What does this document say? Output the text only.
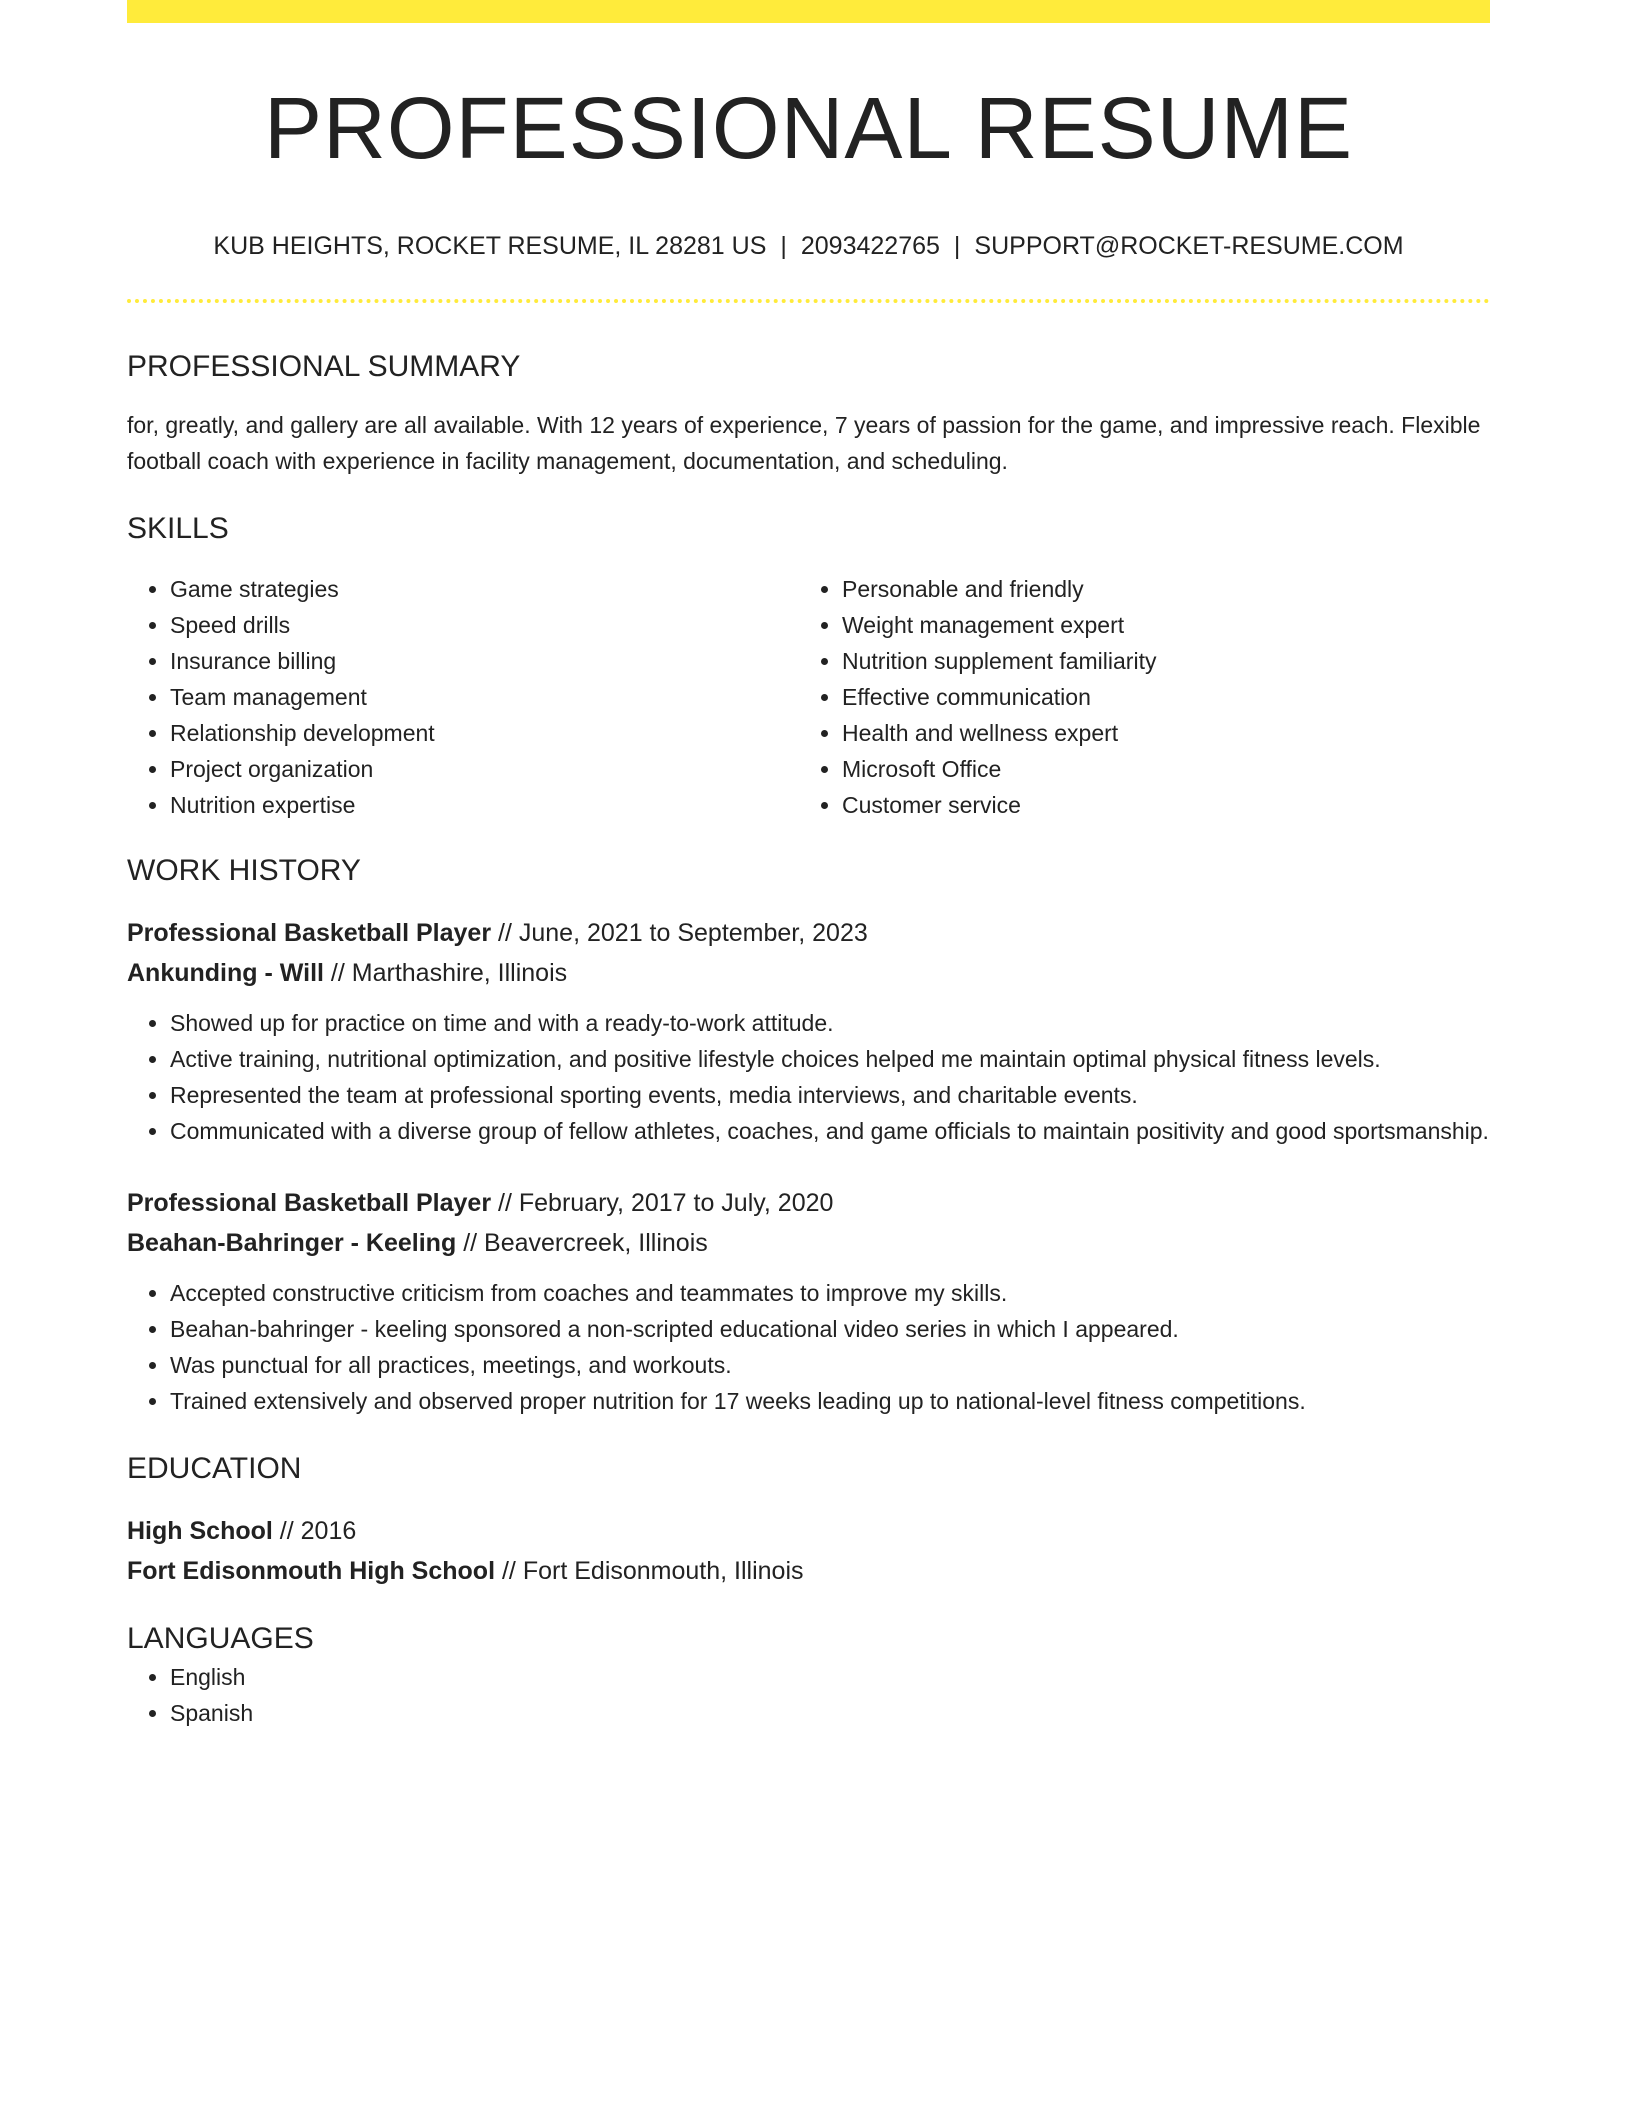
PROFESSIONAL RESUME
KUB HEIGHTS, ROCKET RESUME, IL 28281 US | 2093422765 | SUPPORT@ROCKET-RESUME.COM
PROFESSIONAL SUMMARY

for, greatly, and gallery are all available. With 12 years of experience, 7 years of passion for the game, and impressive reach. Flexible football coach with experience in facility management, documentation, and scheduling.

SKILLS
• Game strategies
• Speed drills
• Insurance billing
• Team management
• Relationship development
• Project organization
• Nutrition expertise
• Personable and friendly
• Weight management expert
• Nutrition supplement familiarity
• Effective communication
• Health and wellness expert
• Microsoft Office
• Customer service
WORK HISTORY
Professional Basketball Player // June, 2021 to September, 2023
Ankunding - Will // Marthashire, Illinois
• Showed up for practice on time and with a ready-to-work attitude.
• Active training, nutritional optimization, and positive lifestyle choices helped me maintain optimal physical fitness levels.
• Represented the team at professional sporting events, media interviews, and charitable events.
• Communicated with a diverse group of fellow athletes, coaches, and game officials to maintain positivity and good sportsmanship.
Professional Basketball Player // February, 2017 to July, 2020
Beahan-Bahringer - Keeling // Beavercreek, Illinois
• Accepted constructive criticism from coaches and teammates to improve my skills.
• Beahan-bahringer - keeling sponsored a non-scripted educational video series in which I appeared.
• Was punctual for all practices, meetings, and workouts.
• Trained extensively and observed proper nutrition for 17 weeks leading up to national-level fitness competitions.
EDUCATION
High School // 2016
Fort Edisonmouth High School // Fort Edisonmouth, Illinois
LANGUAGES
• English
• Spanish
